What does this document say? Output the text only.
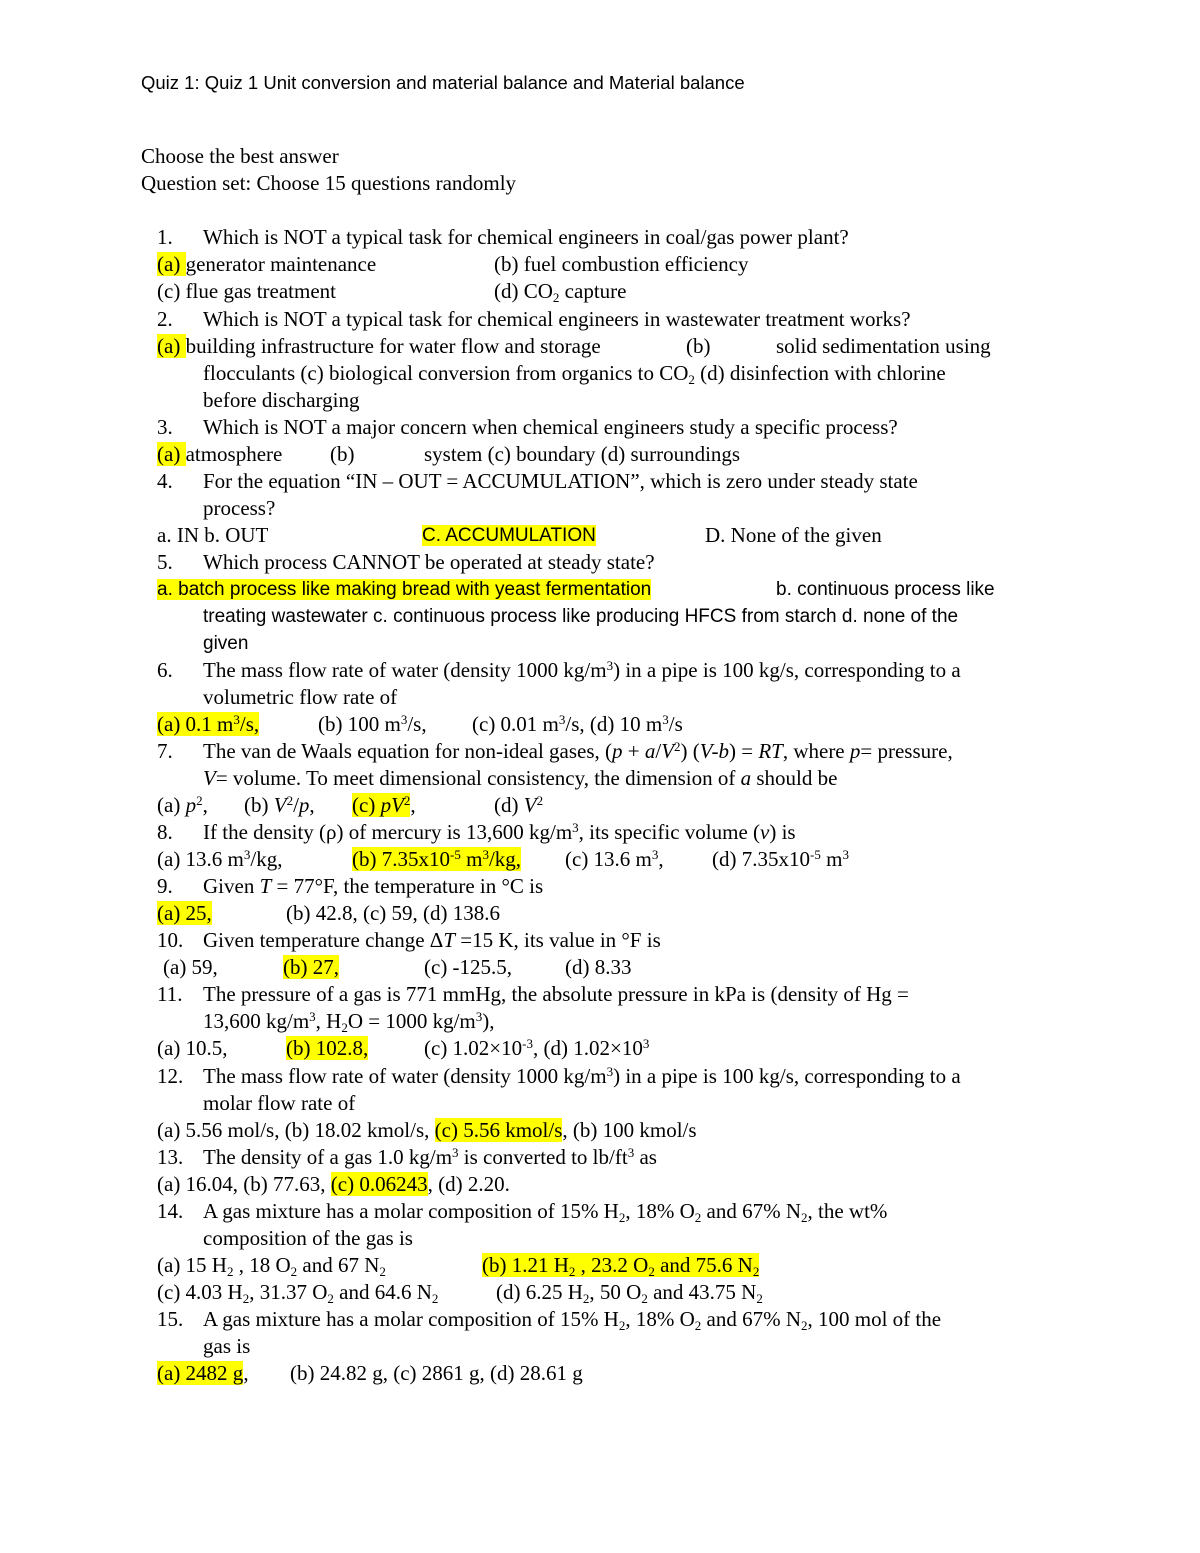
Quiz 1: Quiz 1 Unit conversion and material balance and Material balance
Choose the best answer
Question set: Choose 15 questions randomly
1. Which is NOT a typical task for chemical engineers in coal/gas power plant?
(a) generator maintenance	(b) fuel combustion efficiency
(c) flue gas treatment	(d) $CO_2$ capture
2. Which is NOT a typical task for chemical engineers in wastewater treatment works?
(a) building infrastructure for water flow and storage	(b)	solid sedimentation using
flocculants (c) biological conversion from organics to $CO_2$ (d) disinfection with chlorine
before discharging
3. Which is NOT a major concern when chemical engineers study a specific process?
(a) atmosphere (b)	system (c) boundary (d) surroundings
4. For the equation “IN – OUT = ACCUMULATION”, which is zero under steady state
process?
a. IN b. OUT	C. ACCUMULATION	D. None of the given
5. Which process CANNOT be operated at steady state?
a. batch process like making bread with yeast fermentation	b. continuous process like
treating wastewater c. continuous process like producing HFCS from starch d. none of the
given
6. The mass flow rate of water (density 1000 $kg/m^3$) in a pipe is 100 kg/s, corresponding to a
volumetric flow rate of
(a) 0.1 $m^3/s$,	(b) 100 $m^3/s$, (c) 0.01 $m^3/s$, (d) 10 $m^3/s$
7. The van de Waals equation for non-ideal gases, $(p + a/V^2)$ (V-b) = RT, where p= pressure,
V= volume. To meet dimensional consistency, the dimension of a should be
(a) $p^2$, (b) $V^2/p$, (c) $pV^2$,	(d) $V^2$
8. If the density (ρ) of mercury is 13,600 $kg/m^3$, its specific volume (v) is
(a) 13.6 $m^3/kg$,	(b) $7.35x10^{-5}$ $m^3/kg$, (c) 13.6 $m^3$, (d) $7.35x10^{-5}$ $m^3$
9. Given T = 77°F, the temperature in °C is
(a) 25,	(b) 42.8, (c) 59, (d) 138.6
10. Given temperature change ΔT =15 K, its value in °F is
(a) 59,	(b) 27,	(c) -125.5,	(d) 8.33
11. The pressure of a gas is 771 mmHg, the absolute pressure in kPa is (density of Hg =
13,600 $kg/m^3$, $H_2O = 1000$ $kg/m^3$),
(a) 10.5,	(b) 102.8,	(c) $1.02\times 10^{-3}$, (d) $1.02\times 10^3$
12. The mass flow rate of water (density 1000 $kg/m^3$) in a pipe is 100 kg/s, corresponding to a
molar flow rate of
(a) 5.56 mol/s, (b) 18.02 kmol/s, (c) 5.56 kmol/s, (b) 100 kmol/s
13. The density of a gas 1.0 $kg/m^3$ is converted to $lb/ft^3$ as
(a) 16.04, (b) 77.63, (c) 0.06243, (d) 2.20.
14. A gas mixture has a molar composition of 15% $H_2$, 18% $O_2$ and 67% $N_2$, the wt%
composition of the gas is
(a) 15 $H_2$ , 18 $O_2$ and 67 $N_2$	(b) 1.21 $H_2$ , 23.2 $O_2$ and 75.6 $N_2$
(c) 4.03 $H_2$, 31.37 $O_2$ and 64.6 $N_2$	(d) 6.25 $H_2$, 50 $O_2$ and 43.75 $N_2$
15. A gas mixture has a molar composition of 15% $H_2$, 18% $O_2$ and 67% $N_2$, 100 mol of the
gas is
(a) 2482 g, (b) 24.82 g, (c) 2861 g, (d) 28.61 g
